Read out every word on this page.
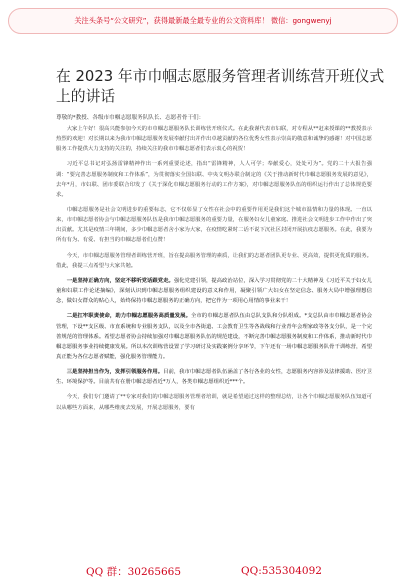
关注头条号“公文研究”，获得最新最全最专业的公文资料库！ 微信：gongwenyj
在 2023 年市巾帼志愿服务管理者训练营开班仪式上的讲话
尊敬的*教授、各级市巾帼志愿服务队队长、志愿者骨干们：

大家上午好！很高兴能参加今天的市巾帼志愿服务队长训练营开班仪式。在此我谨代表市妇联，对专程从**赶来授课的**教授表示热烈的欢迎！对长期以来为我市巾帼志愿服务发展奉献付出并作出卓越贡献的各位优秀女性表示崇高的敬意和诚挚的感谢！对中国志愿服务工作提供大力支持的关注的，持续关注的我市巾帼志愿者们表示衷心的祝贺！

习近平总书记对弘扬雷锋精神作出一系列重要论述，指出“雷锋精神，人人可学；奉献爱心，处处可为”。党的二十大报告强调：“要完善志愿服务制度和工作体系”，为贯彻落实全国妇联、中央文明办联合制定的《关于推动新时代巾帼志愿服务发展的意见》，去年*月，市妇联、团市委联合印发了《关于深化巾帼志愿服务行动的工作方案》，对巾帼志愿服务队伍的组织运行作出了总体规范要求。

巾帼志愿服务是社会文明进步的重要标志，它不仅彰显了女性在社会中的重要作用更是我们这个城市温情和力量的体现。一直以来，市巾帼志愿者协会与巾帼志愿服务队伍是我市巾帼志愿服务的重要力量，在服务妇女儿童家庭、推进社会文明进步工作中作出了突出贡献。尤其是疫情三年期间，多少巾帼志愿者舍小家为大家，在疫情吃紧时二话不说下沉社区封闭开展抗疫志愿服务。在此，我要为所有有为、有爱、有担当的巾帼志愿者们点赞！

今天，市巾帼志愿服务管理者训练营开班，旨在提高服务管理的素质，让我们的志愿者团队更专业、更高效，提供更优质的服务。借此，我提三点希望与大家共勉。

一是坚持正确方向，坚定不移听党话跟党走。强化党建引领，提高政治站位，深入学习贯彻党的二十大精神及《习近平关于妇女儿童和妇联工作论述摘编》，深刻认识到巾帼志愿服务组织建设的意义和作用，凝聚引领广大妇女在坚定信念、服务大局中增强理想信念，做妇女群众的贴心人，始终保持巾帼志愿服务的正确方向，把它作为一项用心用情的事业来干！

二是扛牢职责使命，助力巾帼志愿服务高质量发展。全市的巾帼志愿者队伍由总队支队和分队组成。*支总队由市巾帼志愿者协会管理，下设**支区级、市直系统和专业服务支队，以及全市各街道、工会教育卫生等各战线和行业青年会理家政等各支分队，是一个完善规范的管理体系。希望志愿者协会持续加强对巾帼志愿服务队伍的规范建设，不断完善巾帼志愿服务制度和工作体系，推动新时代巾帼志愿服务事业持续健康发展。所以本次训练营设置了学习研讨及实践案例分享环节，下午还有一场巾帼志愿服务队骨干训练营，希望真正能为各位志愿者赋能，强化服务管理能力。

三是坚持担当作为，发挥引领服务作用。目前，我市巾帼志愿者队伍涵盖了各行各业的女性，志愿服务内容涉及法律援助、医疗卫生、环境保护等。目前共有在册巾帼志愿者近*万人，各类巾帼志愿组织近***个。

今天，我们专门邀请了**专家对我们的巾帼志愿服务管理者培训，就是希望通过这样的整理总结，让各个巾帼志愿服务队伍知道可以从哪些方面来，从哪些维度去发展，开展志愿服务，要有

QQ 群：30265665	QQ:535304092
